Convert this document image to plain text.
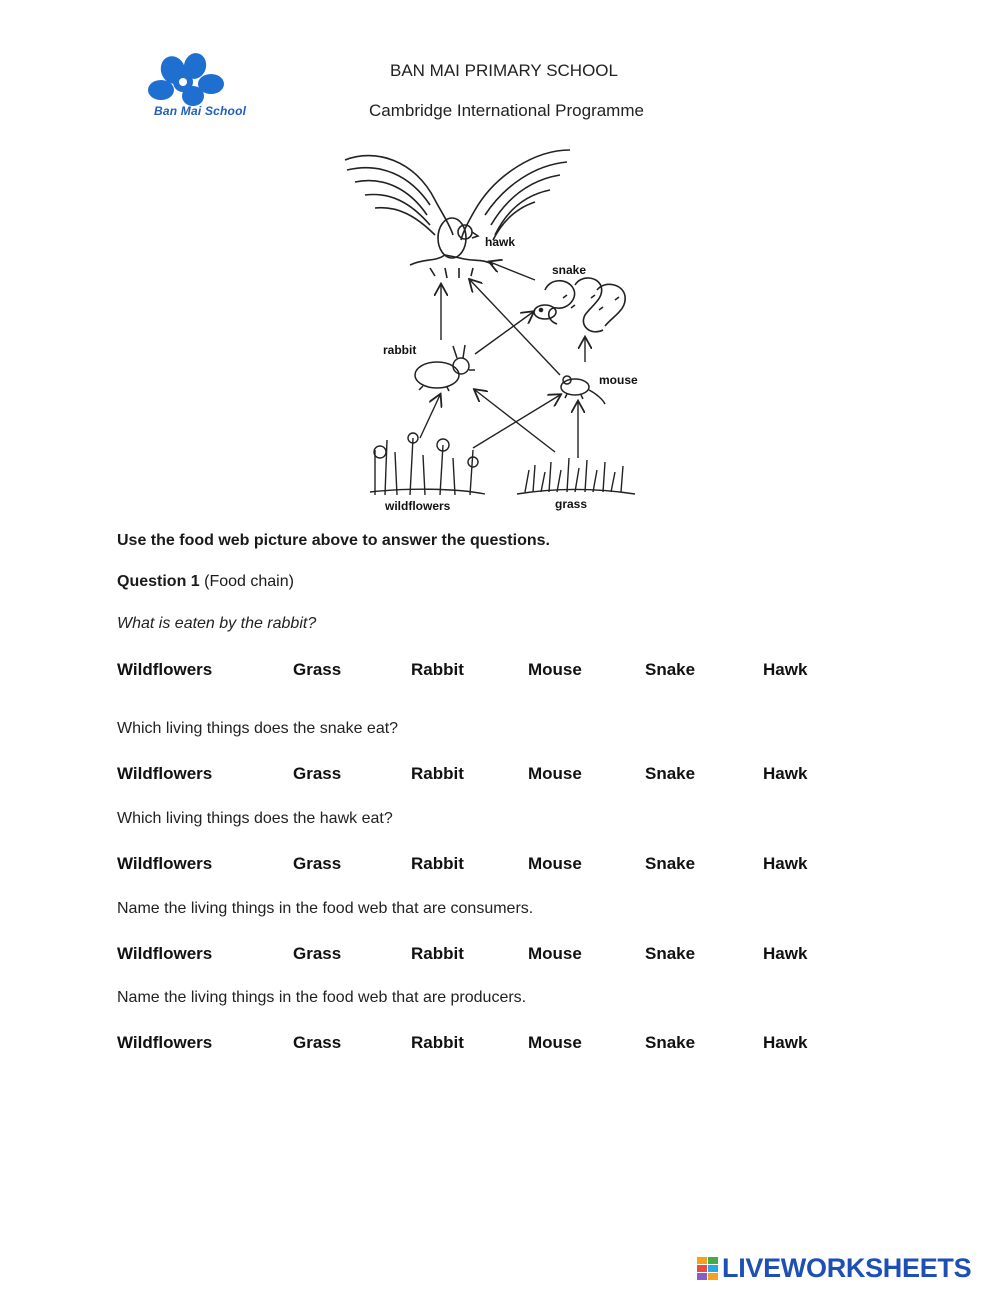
Ban Mai School
BAN MAI PRIMARY SCHOOL
Cambridge International Programme
hawk
snake
rabbit
mouse
wildflowers	grass
Use the food web picture above to answer the questions.
Question 1 (Food chain)
What is eaten by the rabbit?
Wildflowers	Grass	Rabbit	Mouse	Snake	Hawk
Which living things does the snake eat?
Wildflowers	Grass	Rabbit	Mouse	Snake	Hawk
Which living things does the hawk eat?
Wildflowers	Grass	Rabbit	Mouse	Snake	Hawk
Name the living things in the food web that are consumers.
Wildflowers	Grass	Rabbit	Mouse	Snake	Hawk
Name the living things in the food web that are producers.
Wildflowers	Grass	Rabbit	Mouse	Snake	Hawk
LIVEWORKSHEETS
